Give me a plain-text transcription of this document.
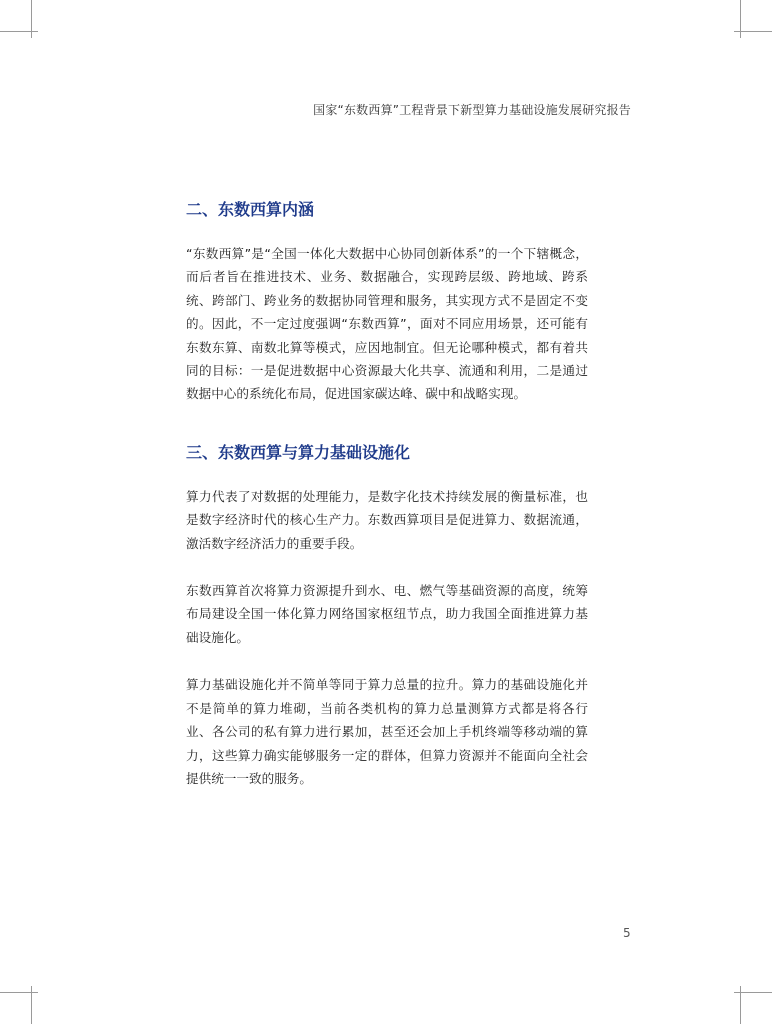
国家“东数西算”工程背景下新型算力基础设施发展研究报告
二、东数西算内涵

“东数西算”是“全国一体化大数据中心协同创新体系”的一个下辖概念，而后者旨在推进技术、业务、数据融合，实现跨层级、跨地域、跨系统、跨部门、跨业务的数据协同管理和服务，其实现方式不是固定不变的。因此，不一定过度强调“东数西算”，面对不同应用场景，还可能有东数东算、南数北算等模式，应因地制宜。但无论哪种模式，都有着共同的目标：一是促进数据中心资源最大化共享、流通和利用，二是通过数据中心的系统化布局，促进国家碳达峰、碳中和战略实现。

三、东数西算与算力基础设施化

算力代表了对数据的处理能力，是数字化技术持续发展的衡量标准，也是数字经济时代的核心生产力。东数西算项目是促进算力、数据流通，激活数字经济活力的重要手段。

东数西算首次将算力资源提升到水、电、燃气等基础资源的高度，统筹布局建设全国一体化算力网络国家枢纽节点，助力我国全面推进算力基础设施化。

算力基础设施化并不简单等同于算力总量的拉升。算力的基础设施化并不是简单的算力堆砌，当前各类机构的算力总量测算方式都是将各行业、各公司的私有算力进行累加，甚至还会加上手机终端等移动端的算力，这些算力确实能够服务一定的群体，但算力资源并不能面向全社会提供统一一致的服务。

5
